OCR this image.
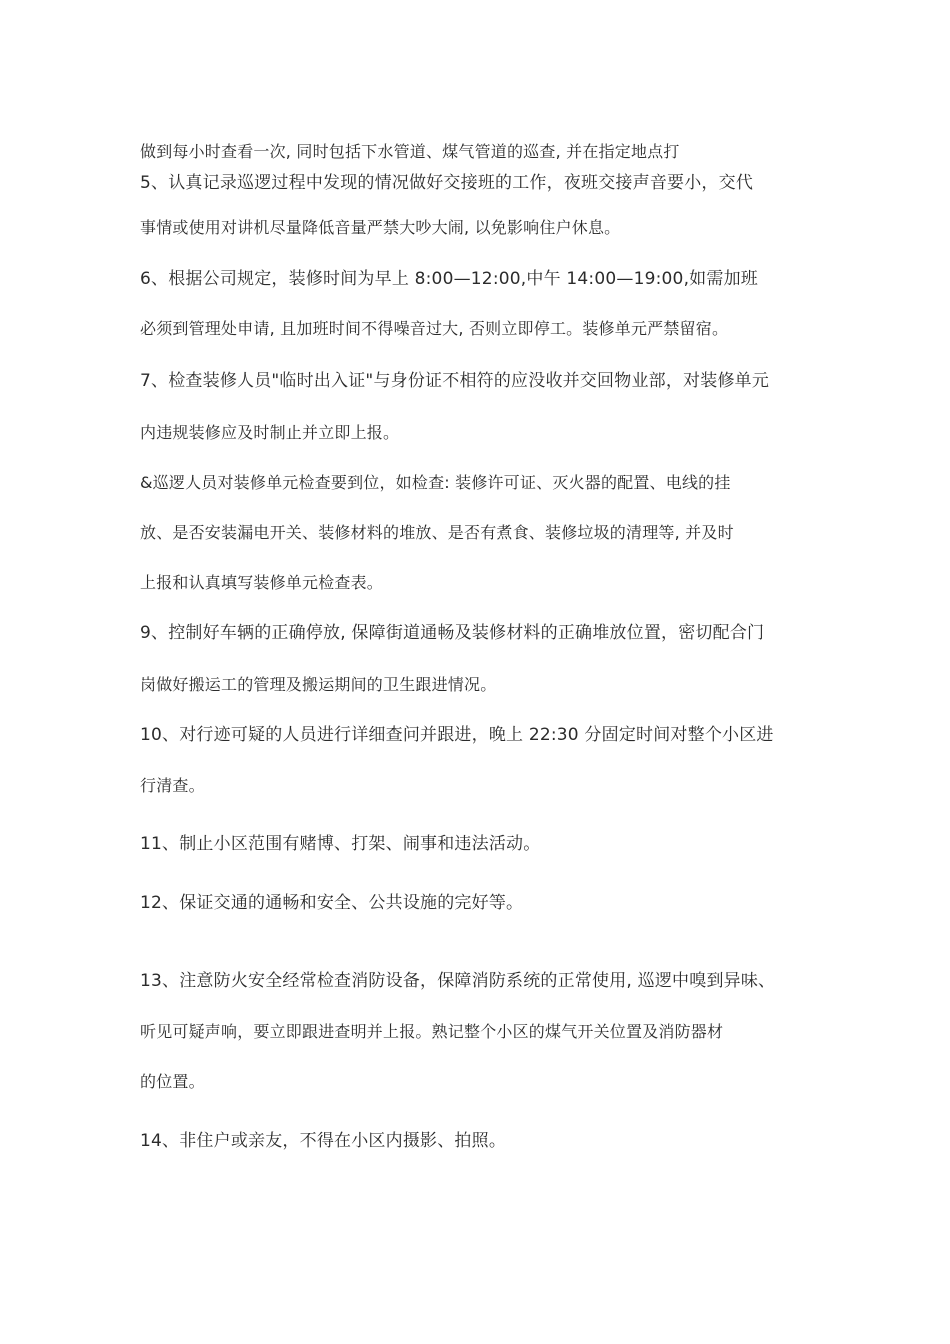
做到每小时查看一次, 同时包括下水管道、煤气管道的巡查, 并在指定地点打
5、认真记录巡逻过程中发现的情况做好交接班的工作，夜班交接声音要小，交代
事情或使用对讲机尽量降低音量严禁大吵大闹, 以免影响住户休息。
6、根据公司规定，装修时间为早上 8:00—12:00,中午 14:00—19:00,如需加班
必须到管理处申请, 且加班时间不得噪音过大, 否则立即停工。装修单元严禁留宿。
7、检查装修人员"临时出入证"与身份证不相符的应没收并交回物业部，对装修单元
内违规装修应及时制止并立即上报。
&巡逻人员对装修单元检查要到位，如检查: 装修许可证、灭火器的配置、电线的挂
放、是否安装漏电开关、装修材料的堆放、是否有煮食、装修垃圾的清理等, 并及时
上报和认真填写装修单元检查表。
9、控制好车辆的正确停放, 保障街道通畅及装修材料的正确堆放位置，密切配合门
岗做好搬运工的管理及搬运期间的卫生跟进情况。
10、对行迹可疑的人员进行详细查问并跟进，晚上 22:30 分固定时间对整个小区进
行清查。
11、制止小区范围有赌博、打架、闹事和违法活动。
12、保证交通的通畅和安全、公共设施的完好等。
13、注意防火安全经常检查消防设备，保障消防系统的正常使用, 巡逻中嗅到异味、
听见可疑声响，要立即跟进查明并上报。熟记整个小区的煤气开关位置及消防器材
的位置。
14、非住户或亲友，不得在小区内摄影、拍照。
